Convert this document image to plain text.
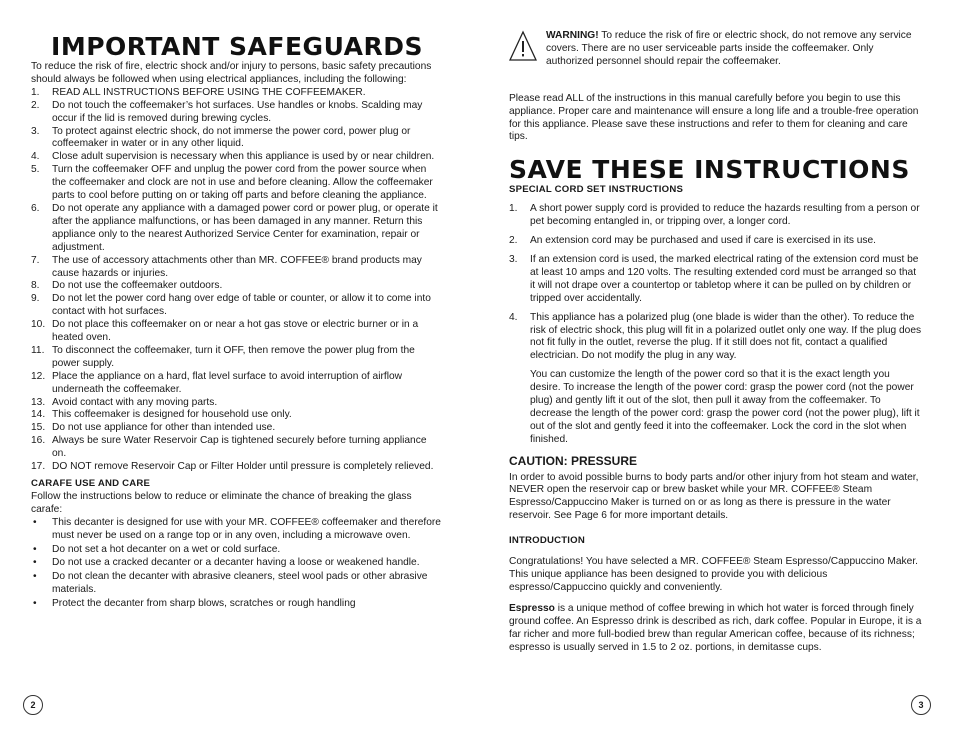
IMPORTANT SAFEGUARDS

To reduce the risk of fire, electric shock and/or injury to persons, basic safety precautions should always be followed when using electrical appliances, including the following:

1.	READ ALL INSTRUCTIONS BEFORE USING THE COFFEEMAKER.
2.	Do not touch the coffeemaker’s hot surfaces. Use handles or knobs. Scalding may occur if the lid is removed during brewing cycles.
3.	To protect against electric shock, do not immerse the power cord, power plug or coffeemaker in water or in any other liquid.
4.	Close adult supervision is necessary when this appliance is used by or near children.
5.	Turn the coffeemaker OFF and unplug the power cord from the power source when the coffeemaker and clock are not in use and before cleaning. Allow the coffeemaker parts to cool before putting on or taking off parts and before cleaning the appliance.
6.	Do not operate any appliance with a damaged power cord or power plug, or operate it after the appliance malfunctions, or has been damaged in any manner. Return this appliance only to the nearest Authorized Service Center for examination, repair or adjustment.
7.	The use of accessory attachments other than MR. COFFEE® brand products may cause hazards or injuries.
8.	Do not use the coffeemaker outdoors.
9.	Do not let the power cord hang over edge of table or counter, or allow it to come into contact with hot surfaces.
10. Do not place this coffeemaker on or near a hot gas stove or electric burner or in a heated oven.
11. To disconnect the coffeemaker, turn it OFF, then remove the power plug from the power supply.
12. Place the appliance on a hard, flat level surface to avoid interruption of airflow underneath the coffeemaker.
13. Avoid contact with any moving parts.
14. This coffeemaker is designed for household use only.
15. Do not use appliance for other than intended use.
16. Always be sure Water Reservoir Cap is tightened securely before turning appliance on.
17. DO NOT remove Reservoir Cap or Filter Holder until pressure is completely relieved.

CARAFE USE AND CARE

Follow the instructions below to reduce or eliminate the chance of breaking the glass carafe:

• This decanter is designed for use with your MR. COFFEE® coffeemaker and therefore must never be used on a range top or in any oven, including a microwave oven.
• Do not set a hot decanter on a wet or cold surface.
• Do not use a cracked decanter or a decanter having a loose or weakened handle.
• Do not clean the decanter with abrasive cleaners, steel wool pads or other abrasive materials.
• Protect the decanter from sharp blows, scratches or rough handling
2

WARNING! To reduce the risk of fire or electric shock, do not remove any service covers. There are no user serviceable parts inside the coffeemaker. Only authorized personnel should repair the coffeemaker.

Please read ALL of the instructions in this manual carefully before you begin to use this appliance. Proper care and maintenance will ensure a long life and a trouble-free operation for this appliance. Please save these instructions and refer to them for cleaning and care tips.

SAVE THESE INSTRUCTIONS

SPECIAL CORD SET INSTRUCTIONS

1.	A short power supply cord is provided to reduce the hazards resulting from a person or pet becoming entangled in, or tripping over, a longer cord.
2.	An extension cord may be purchased and used if care is exercised in its use.
3.	If an extension cord is used, the marked electrical rating of the extension cord must be at least 10 amps and 120 volts. The resulting extended cord must be arranged so that it will not drape over a countertop or tabletop where it can be pulled on by children or tripped over accidentally.
4.	This appliance has a polarized plug (one blade is wider than the other). To reduce the risk of electric shock, this plug will fit in a polarized outlet only one way. If the plug does not fit fully in the outlet, reverse the plug. If it still does not fit, contact a qualified electrician. Do not modify the plug in any way.

You can customize the length of the power cord so that it is the exact length you desire. To increase the length of the power cord: grasp the power cord (not the power plug) and gently lift it out of the slot, then pull it away from the coffeemaker. To decrease the length of the power cord: grasp the power cord (not the power plug), lift it out of the slot and gently feed it into the coffeemaker. Lock the cord in the slot when finished.

CAUTION: PRESSURE

In order to avoid possible burns to body parts and/or other injury from hot steam and water, NEVER open the reservoir cap or brew basket while your MR. COFFEE® Steam Espresso/Cappuccino Maker is turned on or as long as there is pressure in the water reservoir. See Page 6 for more important details.

INTRODUCTION

Congratulations! You have selected a MR. COFFEE® Steam Espresso/Cappuccino Maker. This unique appliance has been designed to provide you with delicious espresso/Cappuccino quickly and conveniently.

Espresso is a unique method of coffee brewing in which hot water is forced through finely ground coffee. An Espresso drink is described as rich, dark coffee. Popular in Europe, it is a far richer and more full-bodied brew than regular American coffee, because of its richness; espresso is usually served in 1.5 to 2 oz. portions, in demitasse cups.

3
